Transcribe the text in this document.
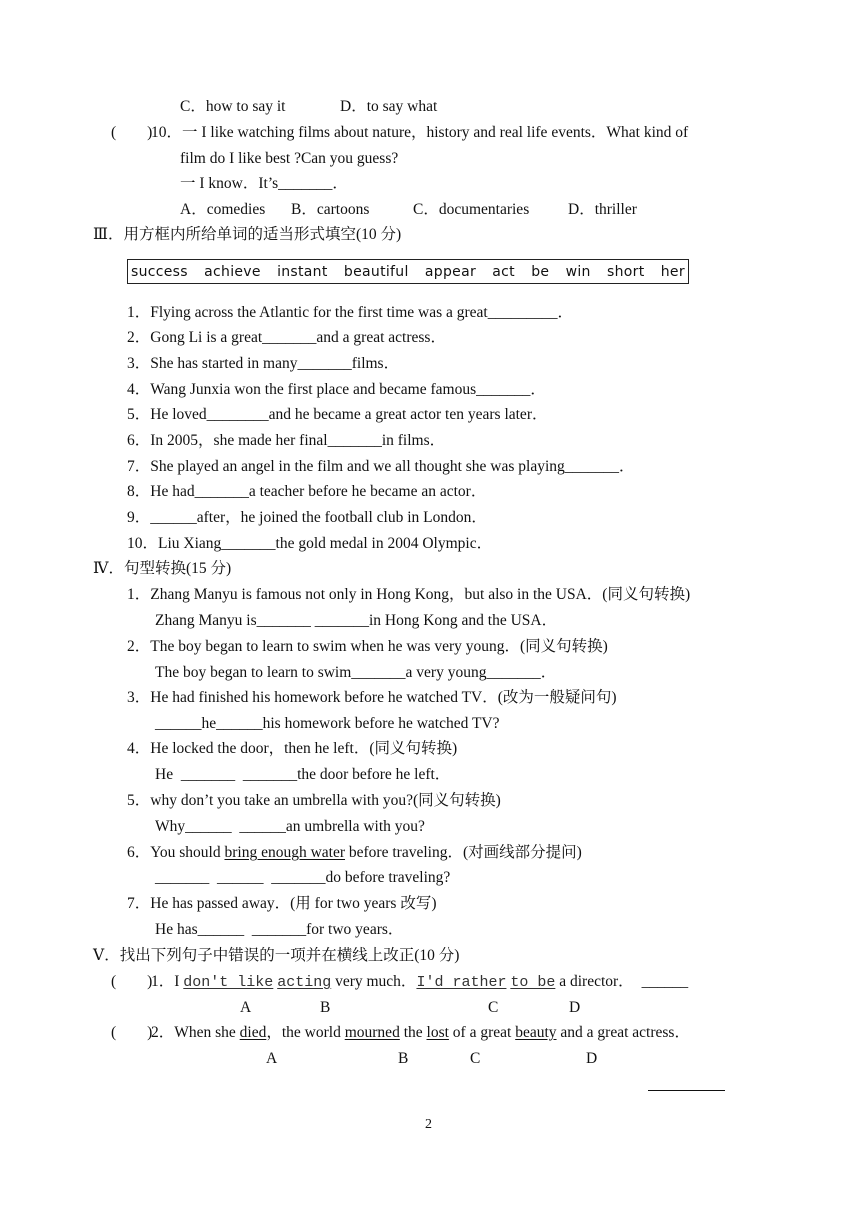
C．how to say it	D．to say what
(        )
10．一 I like watching films about nature，history and real life events．What kind of
film do I like best ?Can you guess?
一 I know．It’s_______．
A．comedies B．cartoons	C．documentaries	D．thriller
Ⅲ．用方框内所给单词的适当形式填空(10 分)
success achieve instant beautiful appear act be win short her
1．Flying across the Atlantic for the first time was a great_________．
2．Gong Li is a great_______and a great actress．
3．She has started in many_______films．
4．Wang Junxia won the first place and became famous_______．
5．He loved________and he became a great actor ten years later．
6．In 2005，she made her final_______in films．
7．She played an angel in the film and we all thought she was playing_______．
8．He had_______a teacher before he became an actor．
9．______after，he joined the football club in London．
10．Liu Xiang_______the gold medal in 2004 Olympic．
Ⅳ．句型转换(15 分)
1．Zhang Manyu is famous not only in Hong Kong，but also in the USA．(同义句转换)
Zhang Manyu is_______ _______in Hong Kong and the USA．
2．The boy began to learn to swim when he was very young．(同义句转换)
The boy began to learn to swim_______a very young_______．
3．He had finished his homework before he watched TV．(改为一般疑问句)
______he______his homework before he watched TV?
4．He locked the door，then he left．(同义句转换)
He  _______  _______the door before he left．
5．why don’t you take an umbrella with you?(同义句转换)
Why______  ______an umbrella with you?
6．You should bring enough water before traveling．(对画线部分提问)
_______  ______  _______do before traveling?
7．He has passed away．(用 for two years 改写)
He has______  _______for two years．
Ⅴ．找出下列句子中错误的一项并在横线上改正(10 分)
(        )
1．I don′t like acting very much．I′d rather to be a director． ______
A	B	C	D
(        )
2．When she died，the world mourned the lost of a great beauty and a great actress．
A	B	C	D
2
